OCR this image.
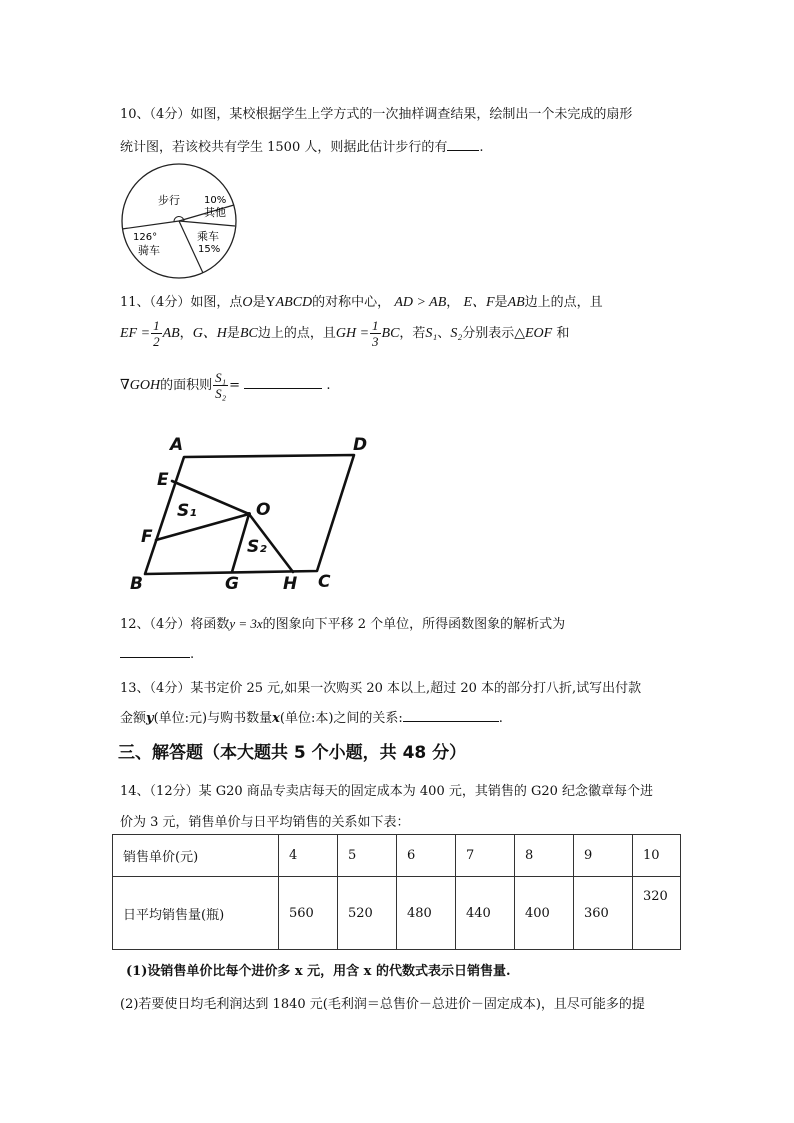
10、（4分）如图，某校根据学生上学方式的一次抽样调查结果，绘制出一个未完成的扇形
统计图，若该校共有学生 1500 人，则据此估计步行的有 .
步行 10%
其他
乘车
15%
126°
骑车
11、（4分）如图，点O是YABCD的对称中心， AD > AB， E、F是AB边上的点，且
EF = $\frac{1}{2}$ AB，G、H是BC边上的点，且GH = $\frac{1}{3}$ BC，若S₁、S₂分别表示△EOF 和
∇GOH的面积则 $\frac{\text{S₁}}{\text{S₂}}$ =	.
A	D
E
F
O
B	G	H C
S₁
S₂
12、（4分）将函数y = 3x的图象向下平移 2 个单位，所得函数图象的解析式为
.
13、（4分）某书定价 25 元,如果一次购买 20 本以上,超过 20 本的部分打八折,试写出付款
金额y(单位:元)与购书数量x(单位:本)之间的关系:	.
三、解答题（本大题共 5 个小题，共 48 分）
14、（12分）某 G20 商品专卖店每天的固定成本为 400 元，其销售的 G20 纪念徽章每个进
价为 3 元，销售单价与日平均销售的关系如下表：
销售单价(元)	4	5	6	7	8	9	10
日平均销售量(瓶)	560	520	480	440	400	360	320
(1)设销售单价比每个进价多 x 元，用含 x 的代数式表示日销售量.
(2)若要使日均毛利润达到 1840 元(毛利润＝总售价－总进价－固定成本)，且尽可能多的提
